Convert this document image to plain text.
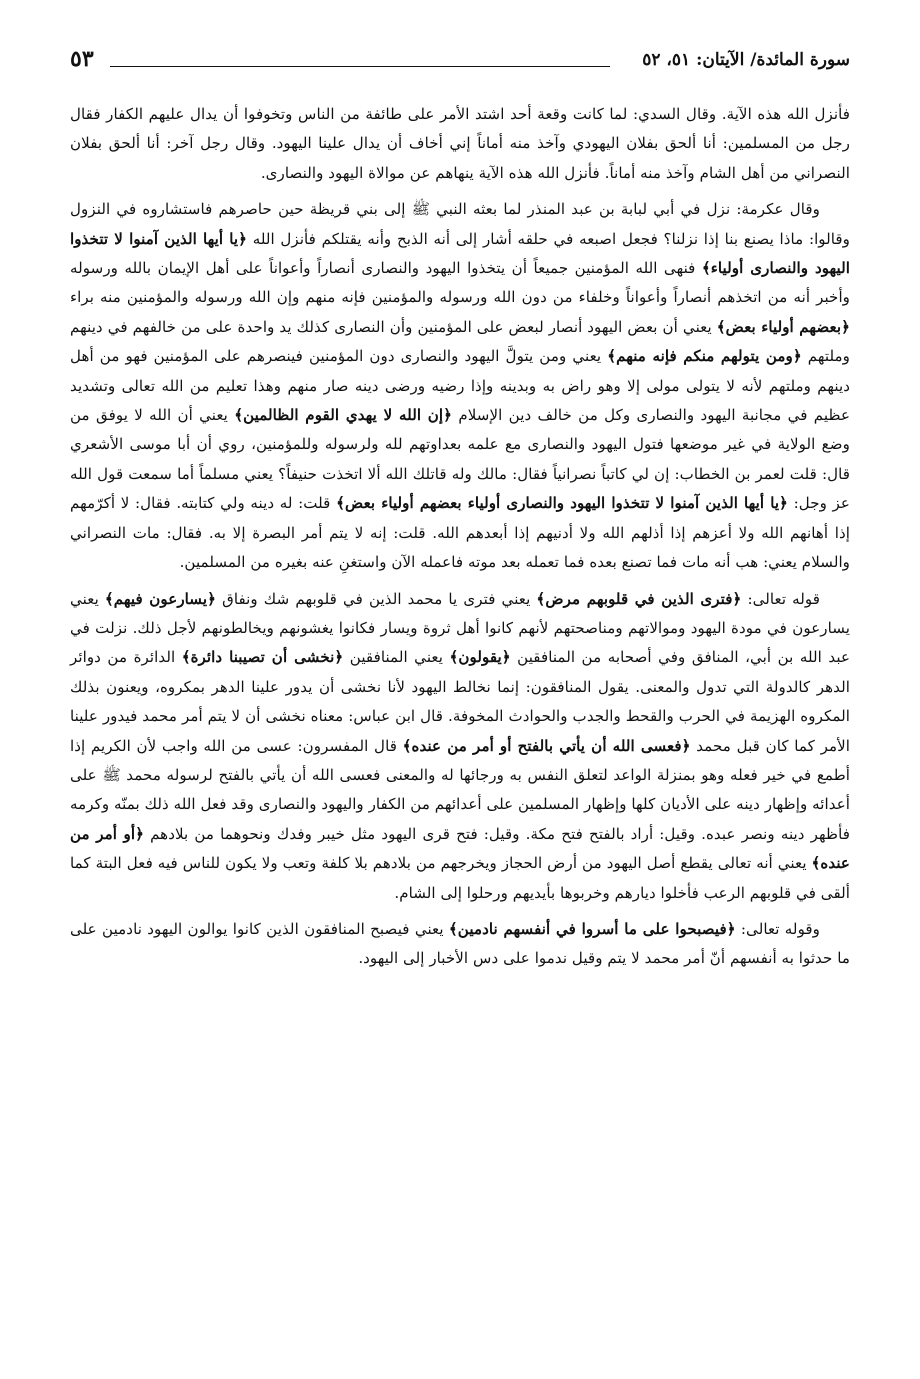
سورة المائدة/ الآيتان: ٥١، ٥٢
٥٣

فأنزل الله هذه الآية. وقال السدي: لما كانت وقعة أحد اشتد الأمر على طائفة من الناس وتخوفوا أن يدال عليهم الكفار فقال رجل من المسلمين: أنا ألحق بفلان اليهودي وآخذ منه أماناً إني أخاف أن يدال علينا اليهود. وقال رجل آخر: أنا ألحق بفلان النصراني من أهل الشام وآخذ منه أماناً. فأنزل الله هذه الآية ينهاهم عن موالاة اليهود والنصارى.

وقال عكرمة: نزل في أبي لبابة بن عبد المنذر لما بعثه النبي ﷺ إلى بني قريظة حين حاصرهم فاستشاروه في النزول وقالوا: ماذا يصنع بنا إذا نزلنا؟ فجعل اصبعه في حلقه أشار إلى أنه الذبح وأنه يقتلكم فأنزل الله ﴿يا أيها الذين آمنوا لا تتخذوا اليهود والنصارى أولياء﴾ فنهى الله المؤمنين جميعاً أن يتخذوا اليهود والنصارى أنصاراً وأعواناً على أهل الإيمان بالله ورسوله وأخبر أنه من اتخذهم أنصاراً وأعواناً وخلفاء من دون الله ورسوله والمؤمنين فإنه منهم وإن الله ورسوله والمؤمنين منه براء ﴿بعضهم أولياء بعض﴾ يعني أن بعض اليهود أنصار لبعض على المؤمنين وأن النصارى كذلك يد واحدة على من خالفهم في دينهم وملتهم ﴿ومن يتولهم منكم فإنه منهم﴾ يعني ومن يتولَّ اليهود والنصارى دون المؤمنين فينصرهم على المؤمنين فهو من أهل دينهم وملتهم لأنه لا يتولى مولى إلا وهو راض به وبدينه وإذا رضيه ورضى دينه صار منهم وهذا تعليم من الله تعالى وتشديد عظيم في مجانبة اليهود والنصارى وكل من خالف دين الإسلام ﴿إن الله لا يهدي القوم الظالمين﴾ يعني أن الله لا يوفق من وضع الولاية في غير موضعها فتول اليهود والنصارى مع علمه بعداوتهم لله ولرسوله وللمؤمنين، روي أن أبا موسى الأشعري قال: قلت لعمر بن الخطاب: إن لي كاتباً نصرانياً فقال: مالك وله قاتلك الله ألا اتخذت حنيفاً؟ يعني مسلماً أما سمعت قول الله عز وجل: ﴿يا أيها الذين آمنوا لا تتخذوا اليهود والنصارى أولياء بعضهم أولياء بعض﴾ قلت: له دينه ولي كتابته. فقال: لا أكرّمهم إذا أهانهم الله ولا أعزهم إذا أذلهم الله ولا أدنيهم إذا أبعدهم الله. قلت: إنه لا يتم أمر البصرة إلا به. فقال: مات النصراني والسلام يعني: هب أنه مات فما تصنع بعده فما تعمله بعد موته فاعمله الآن واستغنِ عنه بغيره من المسلمين.

قوله تعالى: ﴿فترى الذين في قلوبهم مرض﴾ يعني فترى يا محمد الذين في قلوبهم شك ونفاق ﴿يسارعون فيهم﴾ يعني يسارعون في مودة اليهود وموالاتهم ومناصحتهم لأنهم كانوا أهل ثروة ويسار فكانوا يغشونهم ويخالطونهم لأجل ذلك. نزلت في عبد الله بن أبي، المنافق وفي أصحابه من المنافقين ﴿يقولون﴾ يعني المنافقين ﴿نخشى أن تصيبنا دائرة﴾ الدائرة من دوائر الدهر كالدولة التي تدول والمعنى. يقول المنافقون: إنما نخالط اليهود لأنا نخشى أن يدور علينا الدهر بمكروه، ويعنون بذلك المكروه الهزيمة في الحرب والقحط والجدب والحوادث المخوفة. قال ابن عباس: معناه نخشى أن لا يتم أمر محمد فيدور علينا الأمر كما كان قبل محمد ﴿فعسى الله أن يأتي بالفتح أو أمر من عنده﴾ قال المفسرون: عسى من الله واجب لأن الكريم إذا أطمع في خير فعله وهو بمنزلة الواعد لتعلق النفس به ورجائها له والمعنى فعسى الله أن يأتي بالفتح لرسوله محمد ﷺ على أعدائه وإظهار دينه على الأديان كلها وإظهار المسلمين على أعدائهم من الكفار واليهود والنصارى وقد فعل الله ذلك بمنّه وكرمه فأظهر دينه ونصر عبده. وقيل: أراد بالفتح فتح مكة. وقيل: فتح قرى اليهود مثل خيبر وفدك ونحوهما من بلادهم ﴿أو أمر من عنده﴾ يعني أنه تعالى يقطع أصل اليهود من أرض الحجاز ويخرجهم من بلادهم بلا كلفة وتعب ولا يكون للناس فيه فعل البتة كما ألقى في قلوبهم الرعب فأخلوا ديارهم وخربوها بأيديهم ورحلوا إلى الشام.

وقوله تعالى: ﴿فيصبحوا على ما أسروا في أنفسهم نادمين﴾ يعني فيصبح المنافقون الذين كانوا يوالون اليهود نادمين على ما حدثوا به أنفسهم أنّ أمر محمد لا يتم وقيل ندموا على دس الأخبار إلى اليهود.
